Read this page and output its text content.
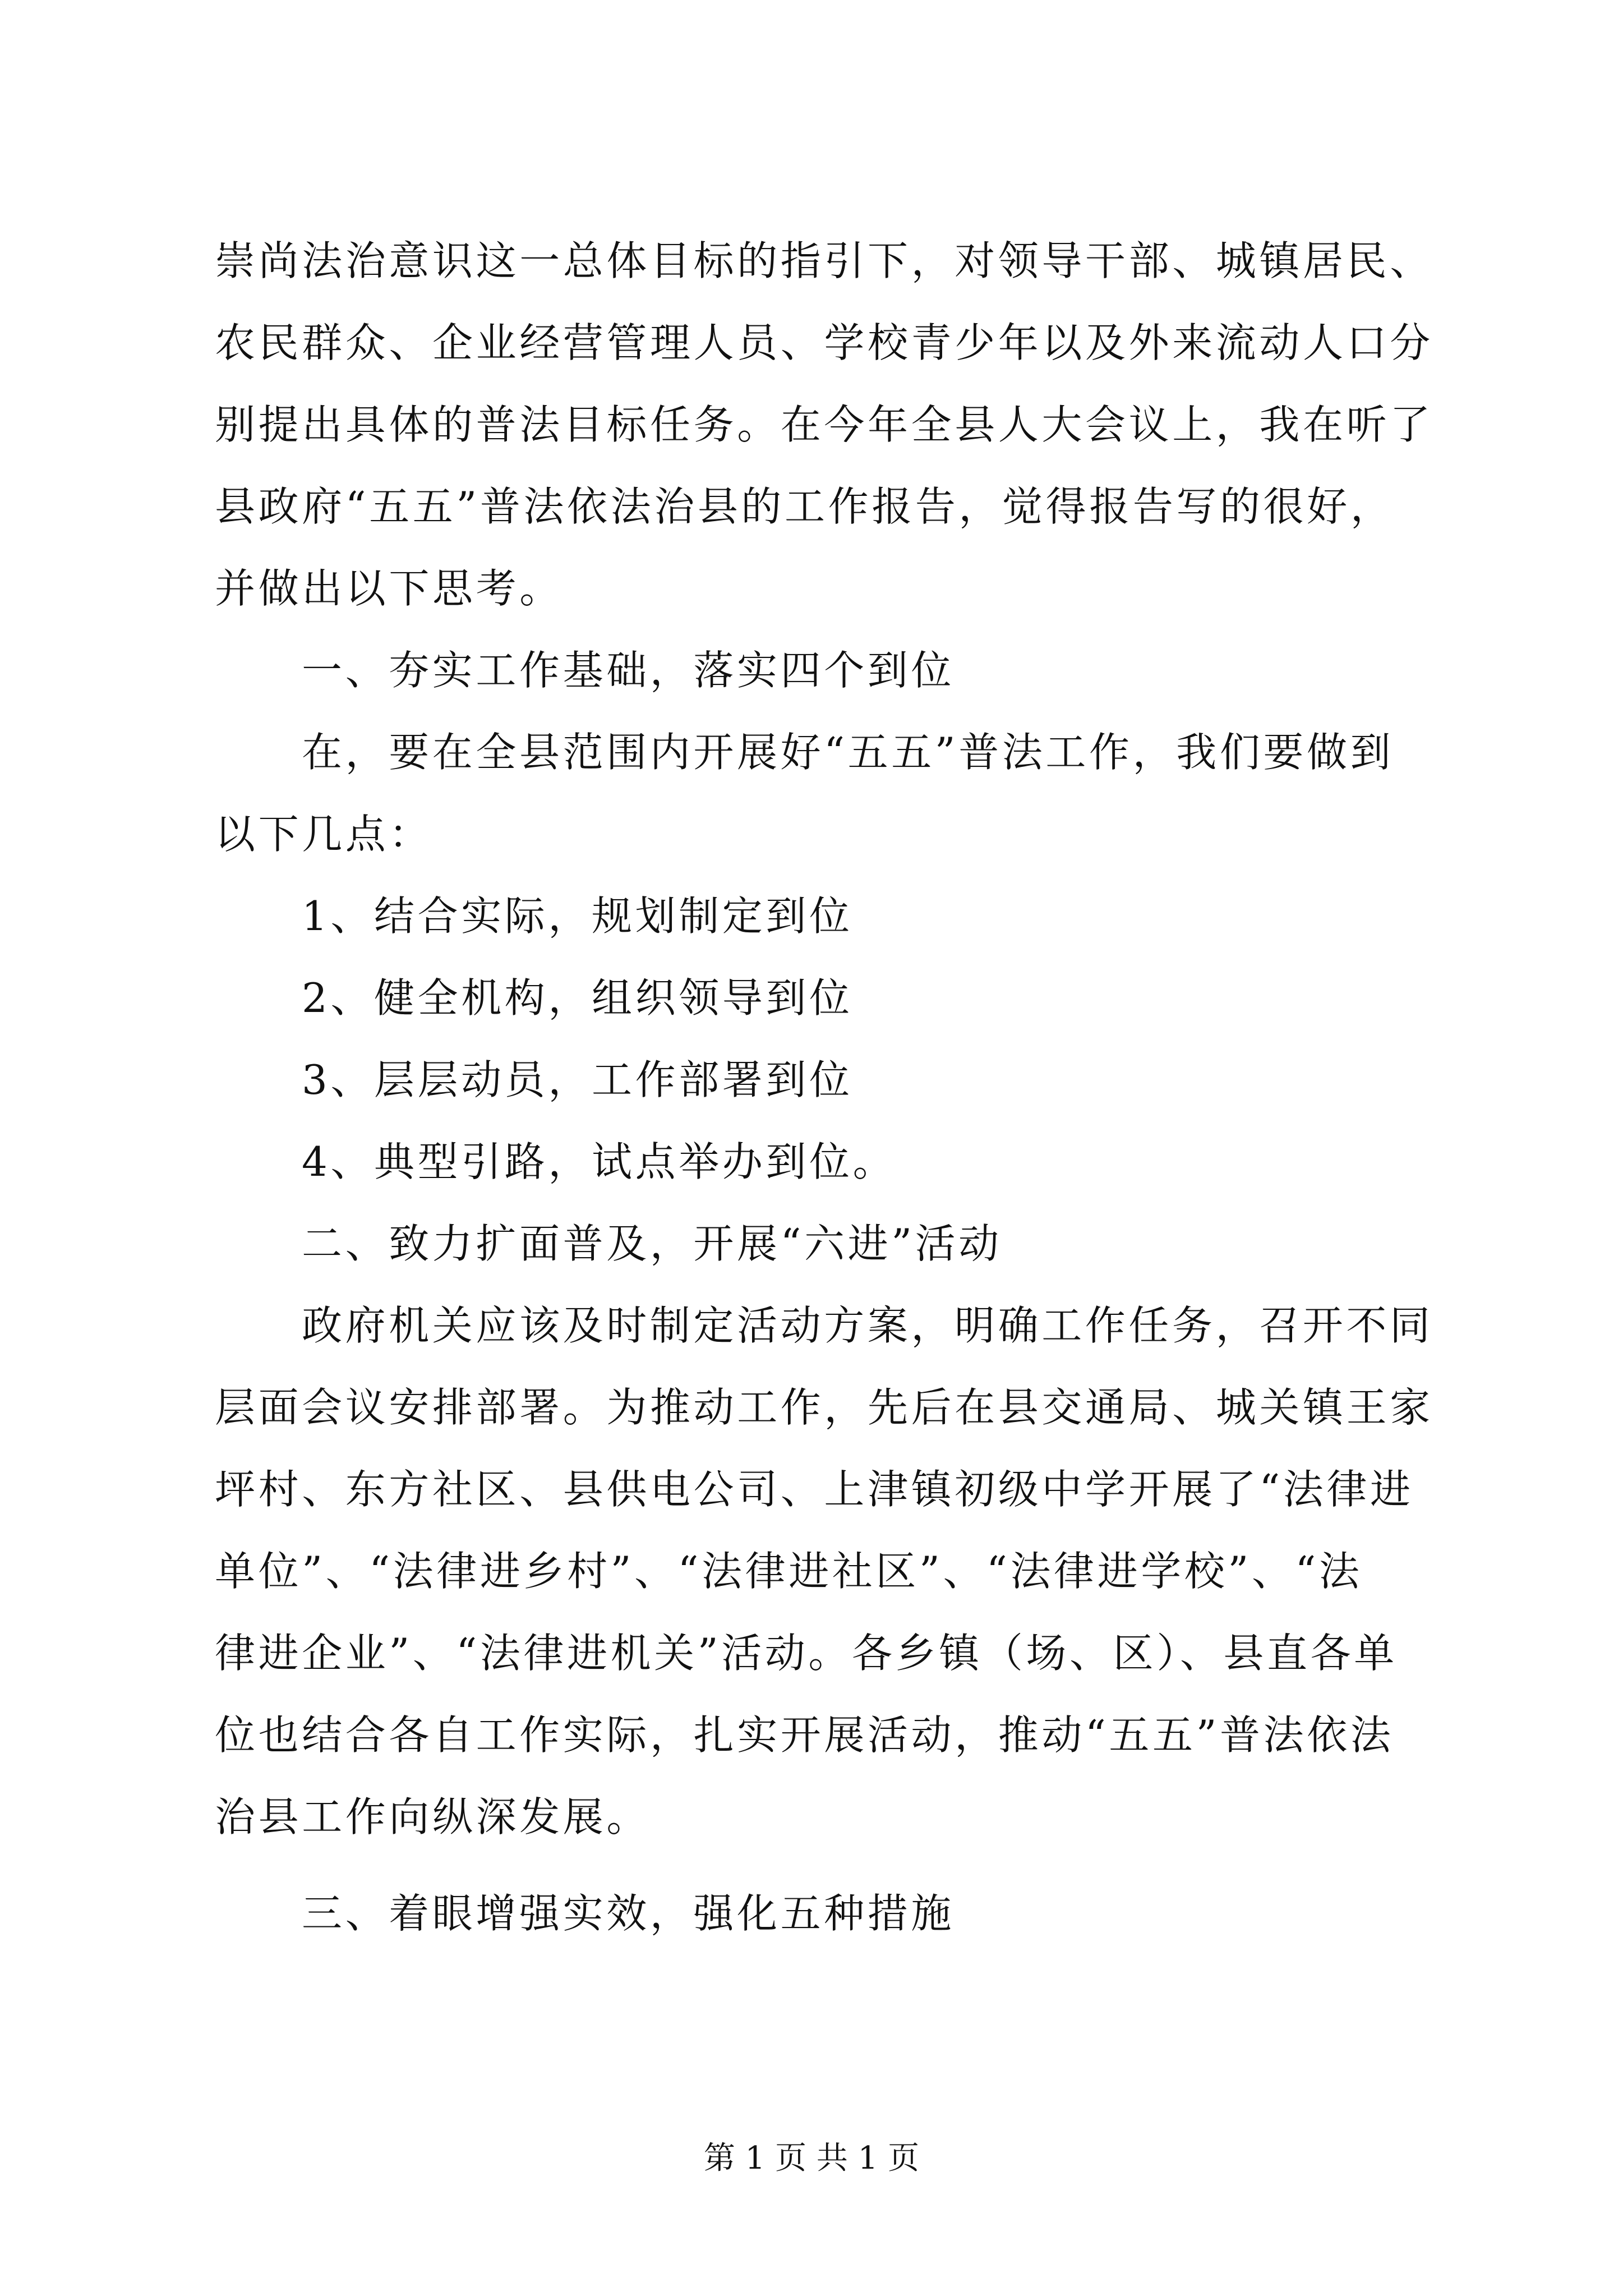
崇尚法治意识这一总体目标的指引下，对领导干部、城镇居民、
农民群众、企业经营管理人员、学校青少年以及外来流动人口分
别提出具体的普法目标任务。在今年全县人大会议上，我在听了
县政府“五五”普法依法治县的工作报告，觉得报告写的很好，
并做出以下思考。
一、夯实工作基础，落实四个到位
在，要在全县范围内开展好“五五”普法工作，我们要做到
以下几点：
1、结合实际，规划制定到位
2、健全机构，组织领导到位
3、层层动员，工作部署到位
4、典型引路，试点举办到位。
二、致力扩面普及，开展“六进”活动
政府机关应该及时制定活动方案，明确工作任务，召开不同
层面会议安排部署。为推动工作，先后在县交通局、城关镇王家
坪村、东方社区、县供电公司、上津镇初级中学开展了“法律进
单位”、“法律进乡村”、“法律进社区”、“法律进学校”、“法
律进企业”、“法律进机关”活动。各乡镇（场、区）、县直各单
位也结合各自工作实际，扎实开展活动，推动“五五”普法依法
治县工作向纵深发展。
三、着眼增强实效，强化五种措施
第 1 页 共 1 页
